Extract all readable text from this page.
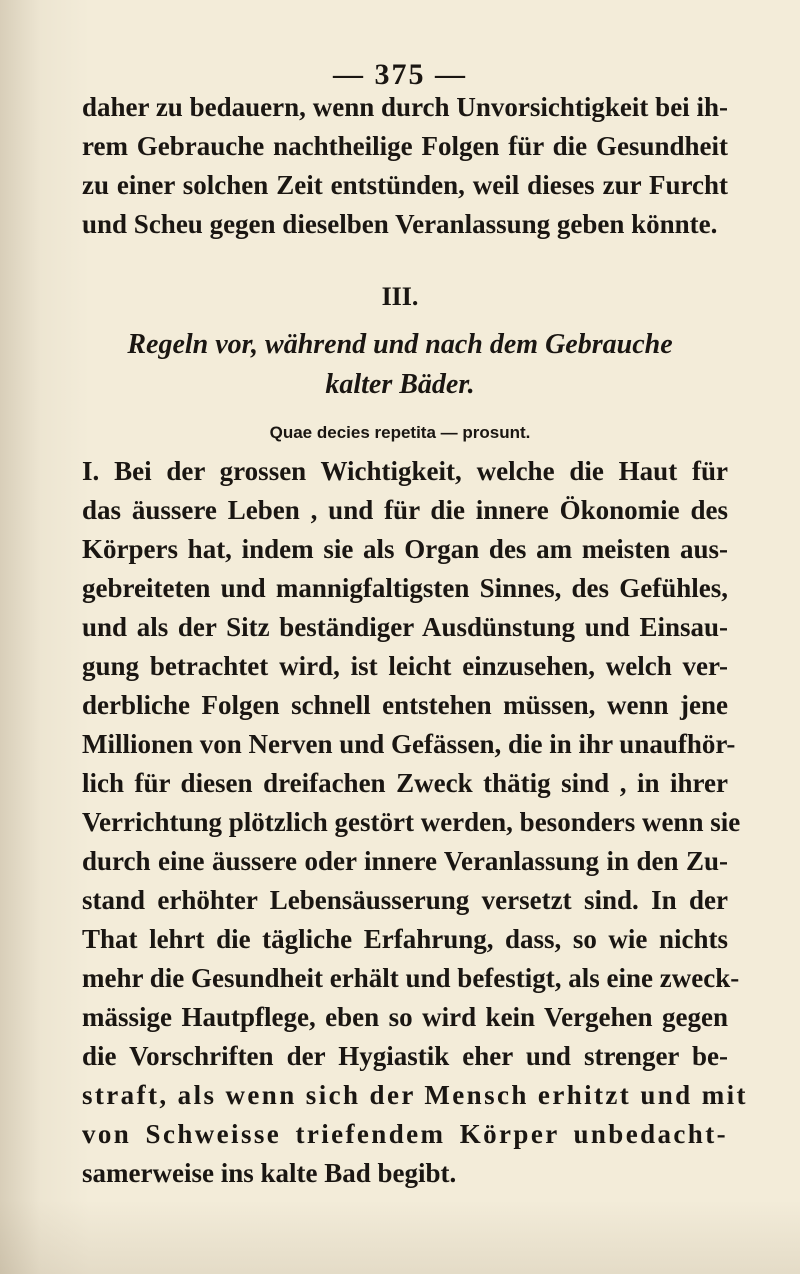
— 375 —
daher zu bedauern, wenn durch Unvorsichtigkeit bei ih-
rem Gebrauche nachtheilige Folgen für die Gesundheit
zu einer solchen Zeit entstünden, weil dieses zur Furcht
und Scheu gegen dieselben Veranlassung geben könnte.
III.
Regeln vor, während und nach dem Gebrauche
kalter Bäder.
Quae decies repetita — prosunt.
I. Bei der grossen Wichtigkeit, welche die Haut für
das äussere Leben , und für die innere Ökonomie des
Körpers hat, indem sie als Organ des am meisten aus-
gebreiteten und mannigfaltigsten Sinnes, des Gefühles,
und als der Sitz beständiger Ausdünstung und Einsau-
gung betrachtet wird, ist leicht einzusehen, welch ver-
derbliche Folgen schnell entstehen müssen, wenn jene
Millionen von Nerven und Gefässen, die in ihr unaufhör-
lich für diesen dreifachen Zweck thätig sind , in ihrer
Verrichtung plötzlich gestört werden, besonders wenn sie
durch eine äussere oder innere Veranlassung in den Zu-
stand erhöhter Lebensäusserung versetzt sind. In der
That lehrt die tägliche Erfahrung, dass, so wie nichts
mehr die Gesundheit erhält und befestigt, als eine zweck-
mässige Hautpflege, eben so wird kein Vergehen gegen
die Vorschriften der Hygiastik eher und strenger be-
straft, als wenn sich der Mensch erhitzt und mit
von Schweisse triefendem Körper unbedacht-
samerweise ins kalte Bad begibt.
